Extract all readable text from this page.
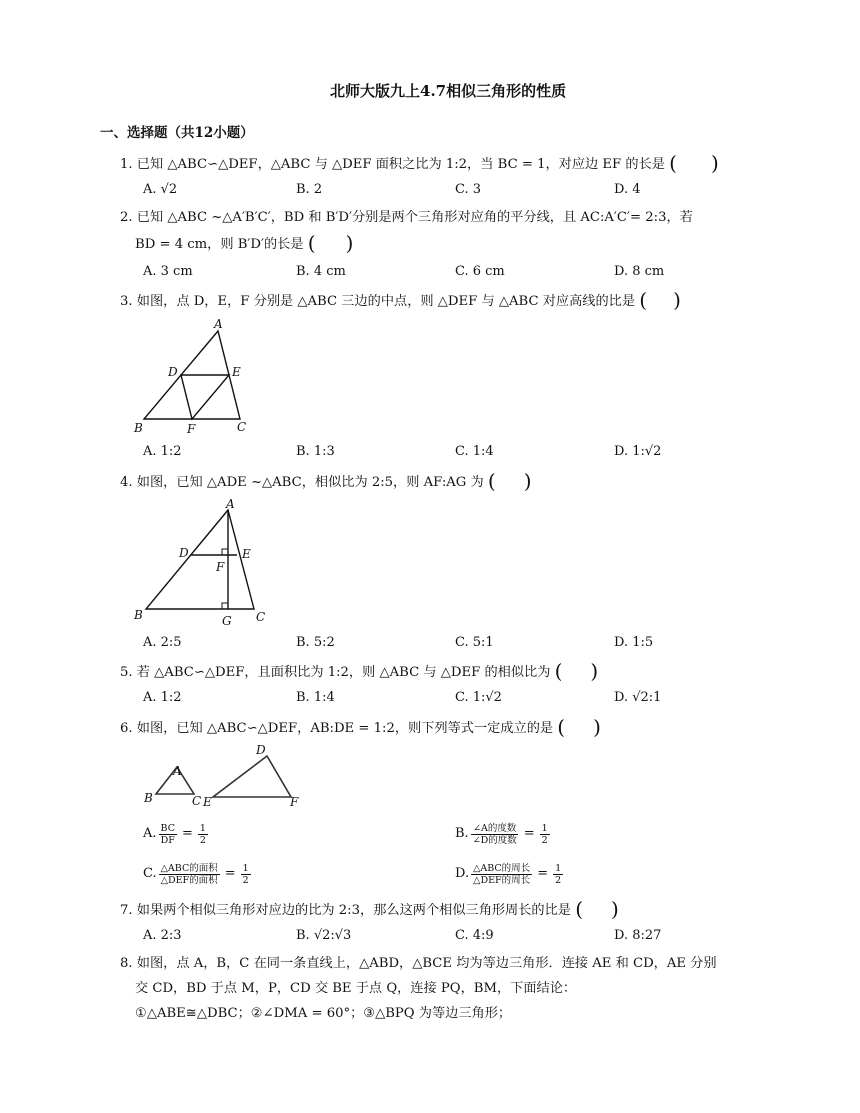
北师大版九上4.7相似三角形的性质
一、选择题（共12小题）
1. 已知 △ABC∽△DEF，△ABC 与 △DEF 面积之比为 1:2，当 BC = 1，对应边 EF 的长是 ( )
A. √2	B. 2	C. 3	D. 4
2. 已知 △ABC ~△A′B′C′，BD 和 B′D′分别是两个三角形对应角的平分线，且 AC:A′C′= 2:3，若
BD = 4 cm，则 B′D′的长是 ( )
A. 3 cm	B. 4 cm	C. 6 cm	D. 8 cm
3. 如图，点 D，E，F 分别是 △ABC 三边的中点，则 △DEF 与 △ABC 对应高线的比是 ( )
A
D	E
B	F	C
A. 1:2	B. 1:3	C. 1:4	D. 1:√2
4. 如图，已知 △ADE ~△ABC，相似比为 2:5，则 AF:AG 为 ( )
A
D	E
F
B	G C
A. 2:5	B. 5:2	C. 5:1	D. 1:5
5. 若 △ABC∽△DEF，且面积比为 1:2，则 △ABC 与 △DEF 的相似比为 ( )
A. 1:2	B. 1:4	C. 1:√2	D. √2:1
6. 如图，已知 △ABC∽△DEF，AB:DE = 1:2，则下列等式一定成立的是 ( )
A
B	C
D
E	F
A. $\frac{BC}{DF} = \frac{1}{2}$	B. $\frac{\text{∠A的度数}}{\text{∠D的度数}} = \frac{1}{2}$
C. $\frac{\text{△ABC的面积}}{\text{△DEF的面积}} = \frac{1}{2}$	D. $\frac{\text{△ABC的周长}}{\text{△DEF的周长}} = \frac{1}{2}$
7. 如果两个相似三角形对应边的比为 2:3，那么这两个相似三角形周长的比是 ( )
A. 2:3	B. √2:√3	C. 4:9	D. 8:27
8. 如图，点 A，B，C 在同一条直线上，△ABD，△BCE 均为等边三角形．连接 AE 和 CD，AE 分别
交 CD，BD 于点 M，P，CD 交 BE 于点 Q，连接 PQ，BM，下面结论：
①△ABE≅△DBC；②∠DMA = 60°；③△BPQ 为等边三角形；
